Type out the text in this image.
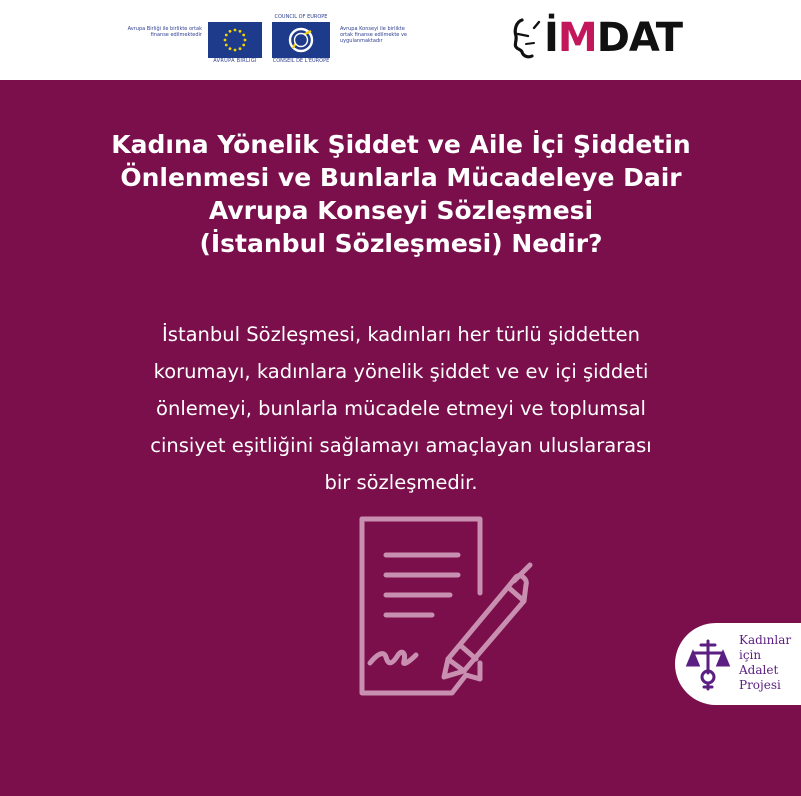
Avrupa Birliği ile birlikte ortak finanse edilmektedir
AVRUPA BİRLİĞİ
COUNCIL OF EUROPE
CONSEIL DE L'EUROPE
Avrupa Konseyi ile birlikte ortak finanse edilmekte ve uygulanmaktadır	İMDAT
Kadına Yönelik Şiddet ve Aile İçi Şiddetin
Önlenmesi ve Bunlarla Mücadeleye Dair
Avrupa Konseyi Sözleşmesi
(İstanbul Sözleşmesi) Nedir?

İstanbul Sözleşmesi, kadınları her türlü şiddetten
korumayı, kadınlara yönelik şiddet ve ev içi şiddeti
önlemeyi, bunlarla mücadele etmeyi ve toplumsal
cinsiyet eşitliğini sağlamayı amaçlayan uluslararası
bir sözleşmedir.

Kadınlar
için
Adalet
Projesi
